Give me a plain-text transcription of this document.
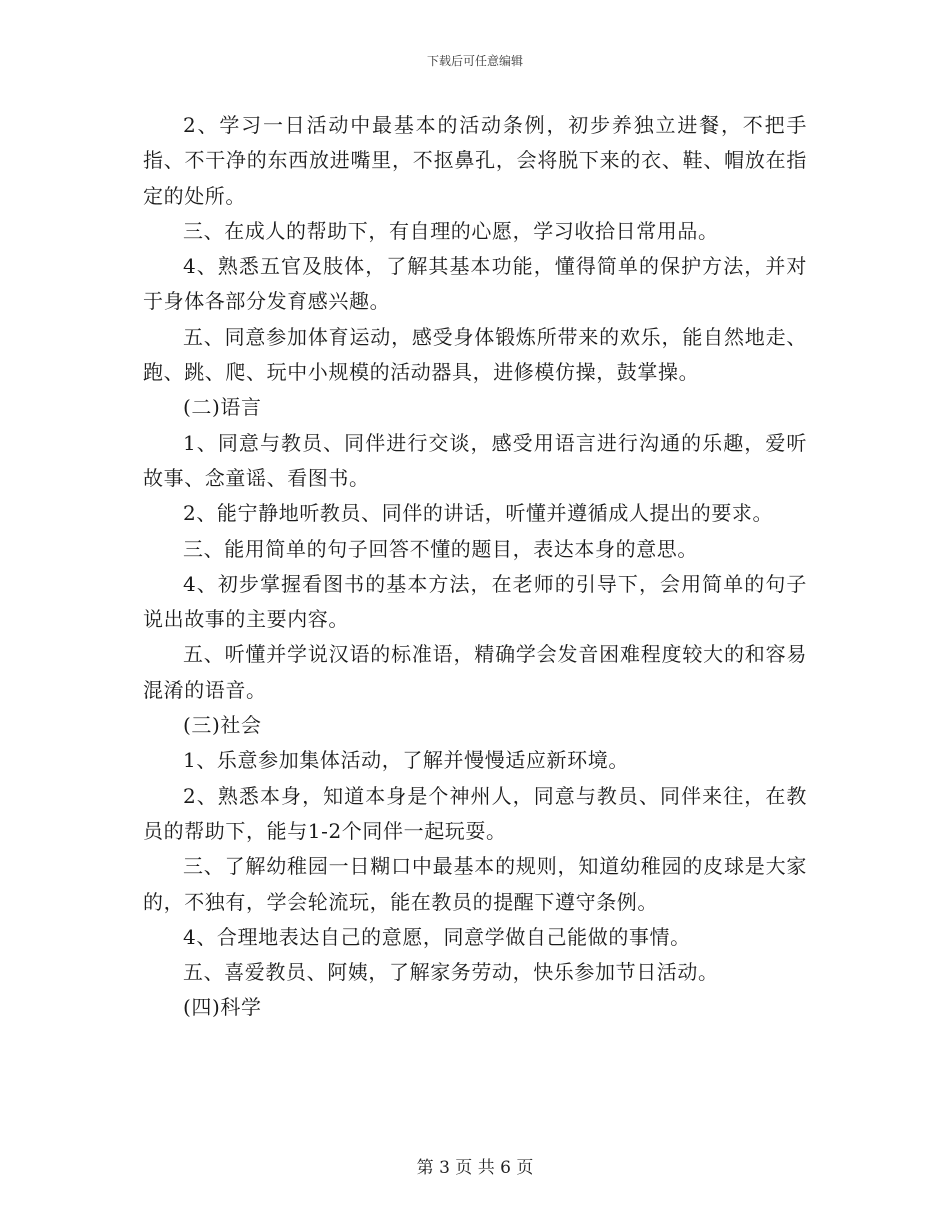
下载后可任意编辑

2、学习一日活动中最基本的活动条例，初步养独立进餐，不把手指、不干净的东西放进嘴里，不抠鼻孔，会将脱下来的衣、鞋、帽放在指定的处所。

三、在成人的帮助下，有自理的心愿，学习收拾日常用品。

4、熟悉五官及肢体，了解其基本功能，懂得简单的保护方法，并对于身体各部分发育感兴趣。

五、同意参加体育运动，感受身体锻炼所带来的欢乐，能自然地走、跑、跳、爬、玩中小规模的活动器具，进修模仿操，鼓掌操。

(二)语言

1、同意与教员、同伴进行交谈，感受用语言进行沟通的乐趣，爱听故事、念童谣、看图书。

2、能宁静地听教员、同伴的讲话，听懂并遵循成人提出的要求。

三、能用简单的句子回答不懂的题目，表达本身的意思。

4、初步掌握看图书的基本方法，在老师的引导下，会用简单的句子说出故事的主要内容。

五、听懂并学说汉语的标准语，精确学会发音困难程度较大的和容易混淆的语音。

(三)社会

1、乐意参加集体活动，了解并慢慢适应新环境。

2、熟悉本身，知道本身是个神州人，同意与教员、同伴来往，在教员的帮助下，能与1-2个同伴一起玩耍。

三、了解幼稚园一日糊口中最基本的规则，知道幼稚园的皮球是大家的，不独有，学会轮流玩，能在教员的提醒下遵守条例。

4、合理地表达自己的意愿，同意学做自己能做的事情。

五、喜爱教员、阿姨，了解家务劳动，快乐参加节日活动。

(四)科学

第 3 页 共 6 页
